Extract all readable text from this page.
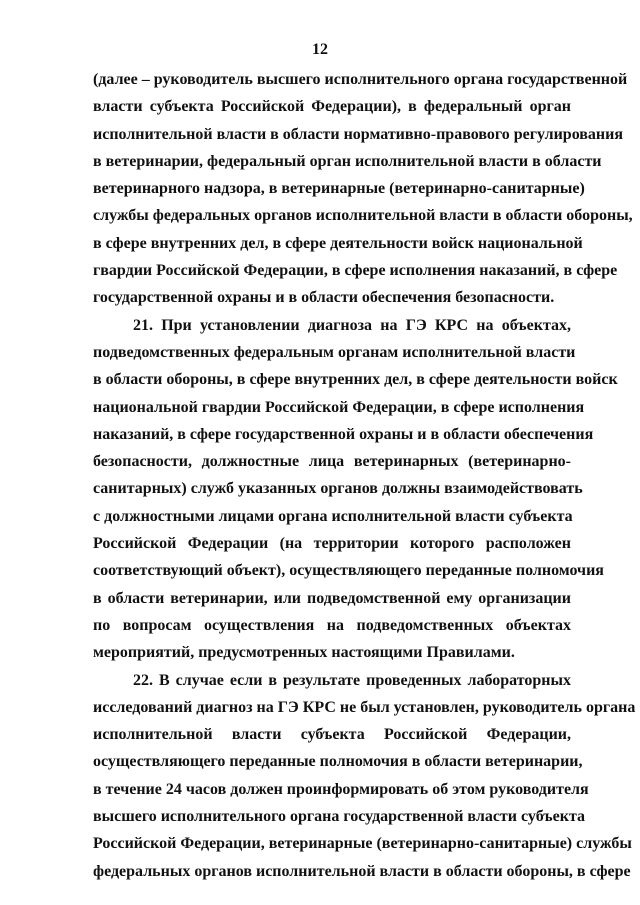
12

(далее – руководитель высшего исполнительного органа государственной
власти субъекта Российской Федерации), в федеральный орган
исполнительной власти в области нормативно-правового регулирования
в ветеринарии, федеральный орган исполнительной власти в области
ветеринарного надзора, в ветеринарные (ветеринарно-санитарные)
службы федеральных органов исполнительной власти в области обороны,
в сфере внутренних дел, в сфере деятельности войск национальной
гвардии Российской Федерации, в сфере исполнения наказаний, в сфере
государственной охраны и в области обеспечения безопасности.
21. При установлении диагноза на ГЭ КРС на объектах,
подведомственных федеральным органам исполнительной власти
в области обороны, в сфере внутренних дел, в сфере деятельности войск
национальной гвардии Российской Федерации, в сфере исполнения
наказаний, в сфере государственной охраны и в области обеспечения
безопасности, должностные лица ветеринарных (ветеринарно-
санитарных) служб указанных органов должны взаимодействовать
с должностными лицами органа исполнительной власти субъекта
Российской Федерации (на территории которого расположен
соответствующий объект), осуществляющего переданные полномочия
в области ветеринарии, или подведомственной ему организации
по вопросам осуществления на подведомственных объектах
мероприятий, предусмотренных настоящими Правилами.
22. В случае если в результате проведенных лабораторных
исследований диагноз на ГЭ КРС не был установлен, руководитель органа
исполнительной власти субъекта Российской Федерации,
осуществляющего переданные полномочия в области ветеринарии,
в течение 24 часов должен проинформировать об этом руководителя
высшего исполнительного органа государственной власти субъекта
Российской Федерации, ветеринарные (ветеринарно-санитарные) службы
федеральных органов исполнительной власти в области обороны, в сфере
